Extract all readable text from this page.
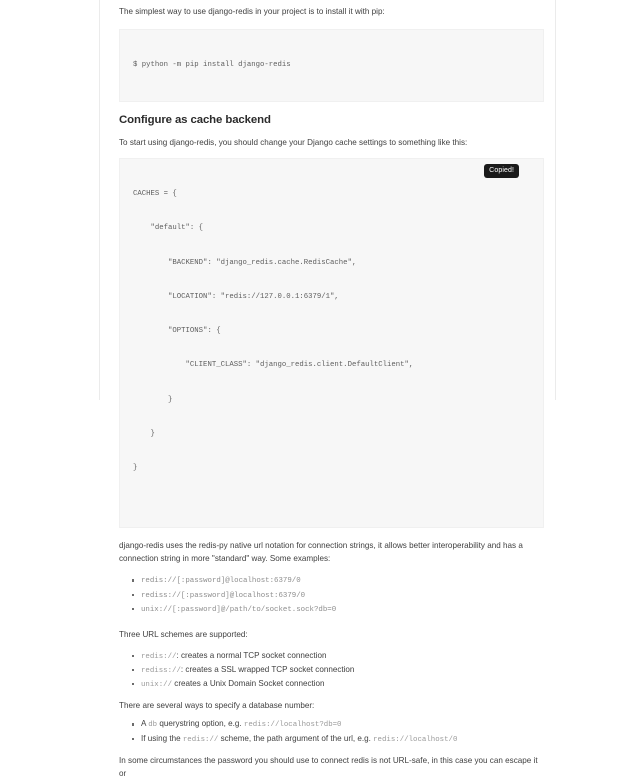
The simplest way to use django-redis in your project is to install it with pip:

$ python -m pip install django-redis

Configure as cache backend

To start using django-redis, you should change your Django cache settings to something like this:

CACHES = {

"default": {

"BACKEND": "django_redis.cache.RedisCache",

"LOCATION": "redis://127.0.0.1:6379/1",

"OPTIONS": {

"CLIENT_CLASS": "django_redis.client.DefaultClient",

}

}

}

Copied!

django-redis uses the redis-py native url notation for connection strings, it allows better interoperability and has a connection string in more "standard" way. Some examples:

redis://[:password]@localhost:6379/0
rediss://[:password]@localhost:6379/0
unix://[:password]@/path/to/socket.sock?db=0

Three URL schemes are supported:

redis://: creates a normal TCP socket connection
rediss://: creates a SSL wrapped TCP socket connection
unix:// creates a Unix Domain Socket connection

There are several ways to specify a database number:

A db querystring option, e.g. redis://localhost?db=0
If using the redis:// scheme, the path argument of the url, e.g. redis://localhost/0

In some circumstances the password you should use to connect redis is not URL-safe, in this case you can escape it or
